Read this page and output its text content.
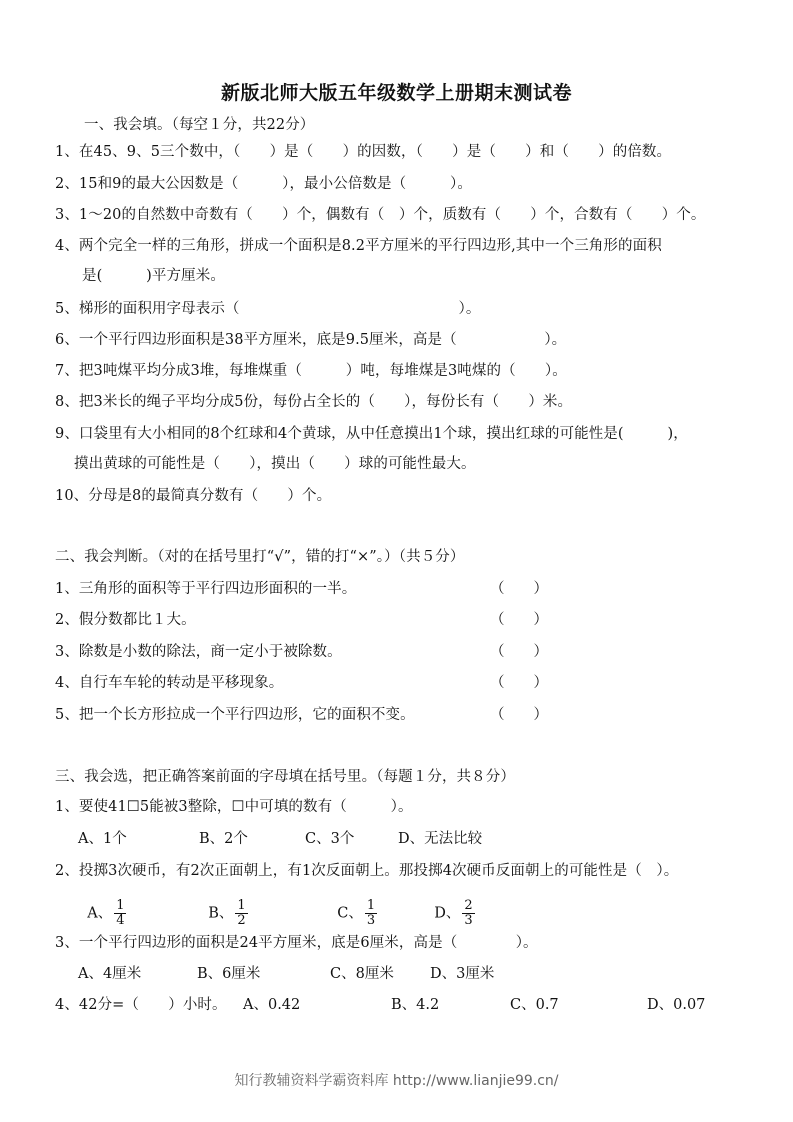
新版北师大版五年级数学上册期末测试卷
一、我会填。（每空１分，共22分）
1、在45、9、5三个数中，（　　）是（　　）的因数，（　　）是（　　）和（　　）的倍数。
2、15和9的最大公因数是（　　　），最小公倍数是（　　　）。
3、1～20的自然数中奇数有（　　）个，偶数有（　）个，质数有（　　）个，合数有（　　）个。
4、两个完全一样的三角形，拼成一个面积是8.2平方厘米的平行四边形,其中一个三角形的面积
是(　　　)平方厘米。
5、梯形的面积用字母表示（　　　　　　　　　　　　　　　）。
6、一个平行四边形面积是38平方厘米，底是9.5厘米，高是（　　　　　　）。
7、把3吨煤平均分成3堆，每堆煤重（　　　）吨，每堆煤是3吨煤的（　　）。
8、把3米长的绳子平均分成5份，每份占全长的（　　），每份长有（　　）米。
9、口袋里有大小相同的8个红球和4个黄球，从中任意摸出1个球，摸出红球的可能性是(　　　)，
摸出黄球的可能性是（　　），摸出（　　）球的可能性最大。
10、分母是8的最简真分数有（　　）个。
二、我会判断。（对的在括号里打“√”，错的打“×”。）（共５分）
1、三角形的面积等于平行四边形面积的一半。	（　　）
2、假分数都比１大。	（　　）
3、除数是小数的除法，商一定小于被除数。	（　　）
4、自行车车轮的转动是平移现象。	（　　）
5、把一个长方形拉成一个平行四边形，它的面积不变。	（　　）
三、我会选，把正确答案前面的字母填在括号里。（每题１分，共８分）
1、要使41☐5能被3整除，☐中可填的数有（　　　）。
A、1个	B、2个	C、3个	D、无法比较
2、投掷3次硬币，有2次正面朝上，有1次反面朝上。那投掷4次硬币反面朝上的可能性是（　）。

A、 $\frac{1}{4}$	B、 $\frac{1}{2}$	C、 $\frac{1}{3}$	D、 $\frac{2}{3}$

3、一个平行四边形的面积是24平方厘米，底是6厘米，高是（　　　　）。
A、4厘米	B、6厘米	C、8厘米 D、3厘米
4、42分=（　　）小时。 A、0.42	B、4.2	C、0.7	D、0.07
知行教辅资料学霸资料库 http://www.lianjie99.cn/
